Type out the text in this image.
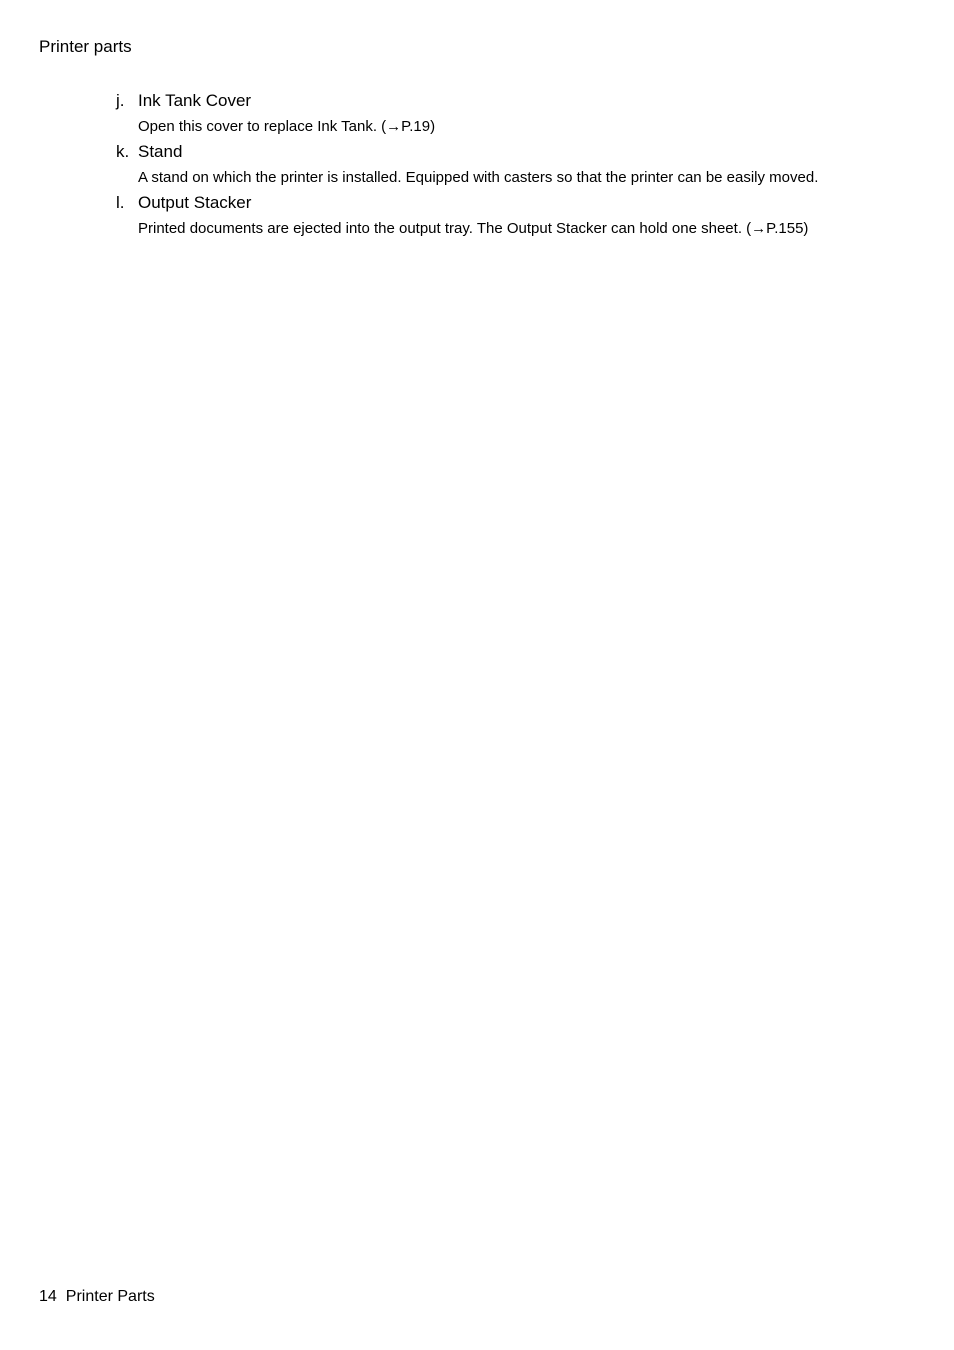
Printer parts
j. Ink Tank Cover
Open this cover to replace Ink Tank. (→P.19)
k. Stand
A stand on which the printer is installed. Equipped with casters so that the printer can be easily moved.
l. Output Stacker
Printed documents are ejected into the output tray. The Output Stacker can hold one sheet. (→P.155)
14 Printer Parts
